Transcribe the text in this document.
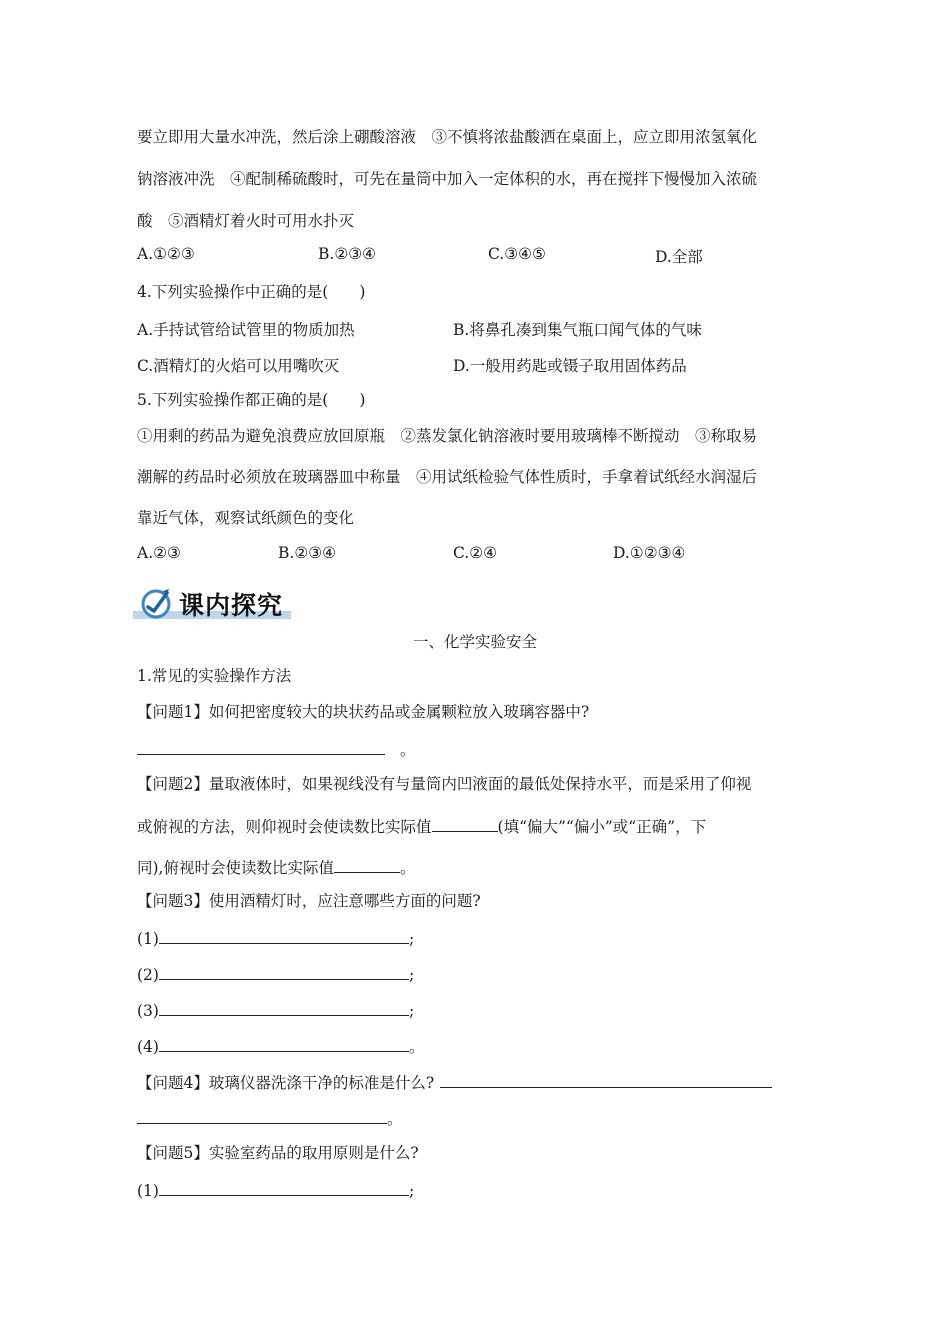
要立即用大量水冲洗，然后涂上硼酸溶液　③不慎将浓盐酸洒在桌面上，应立即用浓氢氧化
钠溶液冲洗　④配制稀硫酸时，可先在量筒中加入一定体积的水，再在搅拌下慢慢加入浓硫
酸　⑤酒精灯着火时可用水扑灭
A.①②③	B.②③④	C.③④⑤	D.全部
4.下列实验操作中正确的是(　　)
A.手持试管给试管里的物质加热	B.将鼻孔凑到集气瓶口闻气体的气味
C.酒精灯的火焰可以用嘴吹灭	D.一般用药匙或镊子取用固体药品
5.下列实验操作都正确的是(　　)
①用剩的药品为避免浪费应放回原瓶　②蒸发氯化钠溶液时要用玻璃棒不断搅动　③称取易
潮解的药品时必须放在玻璃器皿中称量　④用试纸检验气体性质时，手拿着试纸经水润湿后
靠近气体，观察试纸颜色的变化
A.②③	B.②③④	C.②④	D.①②③④
课内探究
一、化学实验安全
1.常见的实验操作方法
【问题1】如何把密度较大的块状药品或金属颗粒放入玻璃容器中?
。
【问题2】量取液体时，如果视线没有与量筒内凹液面的最低处保持水平，而是采用了仰视
或俯视的方法，则仰视时会使读数比实际值	(填“偏大”“偏小”或“正确”，下
同),俯视时会使读数比实际值	。
【问题3】使用酒精灯时，应注意哪些方面的问题?
(1)	;
(2)	;
(3)	;
(4)	。
【问题4】玻璃仪器洗涤干净的标准是什么?
。
【问题5】实验室药品的取用原则是什么?
(1)	;
